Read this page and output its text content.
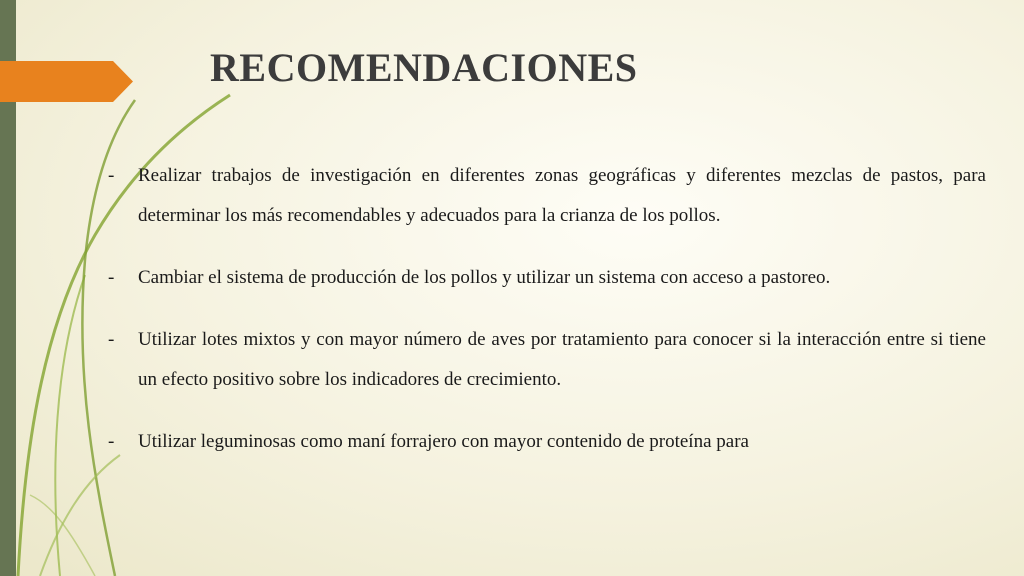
RECOMENDACIONES
-	Realizar trabajos de investigación en diferentes zonas geográficas y diferentes mezclas de pastos, para determinar los más recomendables y adecuados para la crianza de los pollos.
-	Cambiar el sistema de producción de los pollos y utilizar un sistema con acceso a pastoreo.
-	Utilizar lotes mixtos y con mayor número de aves por tratamiento para conocer si la interacción entre si tiene un efecto positivo sobre los indicadores de crecimiento.
-	Utilizar leguminosas como maní forrajero con mayor contenido de proteína para
